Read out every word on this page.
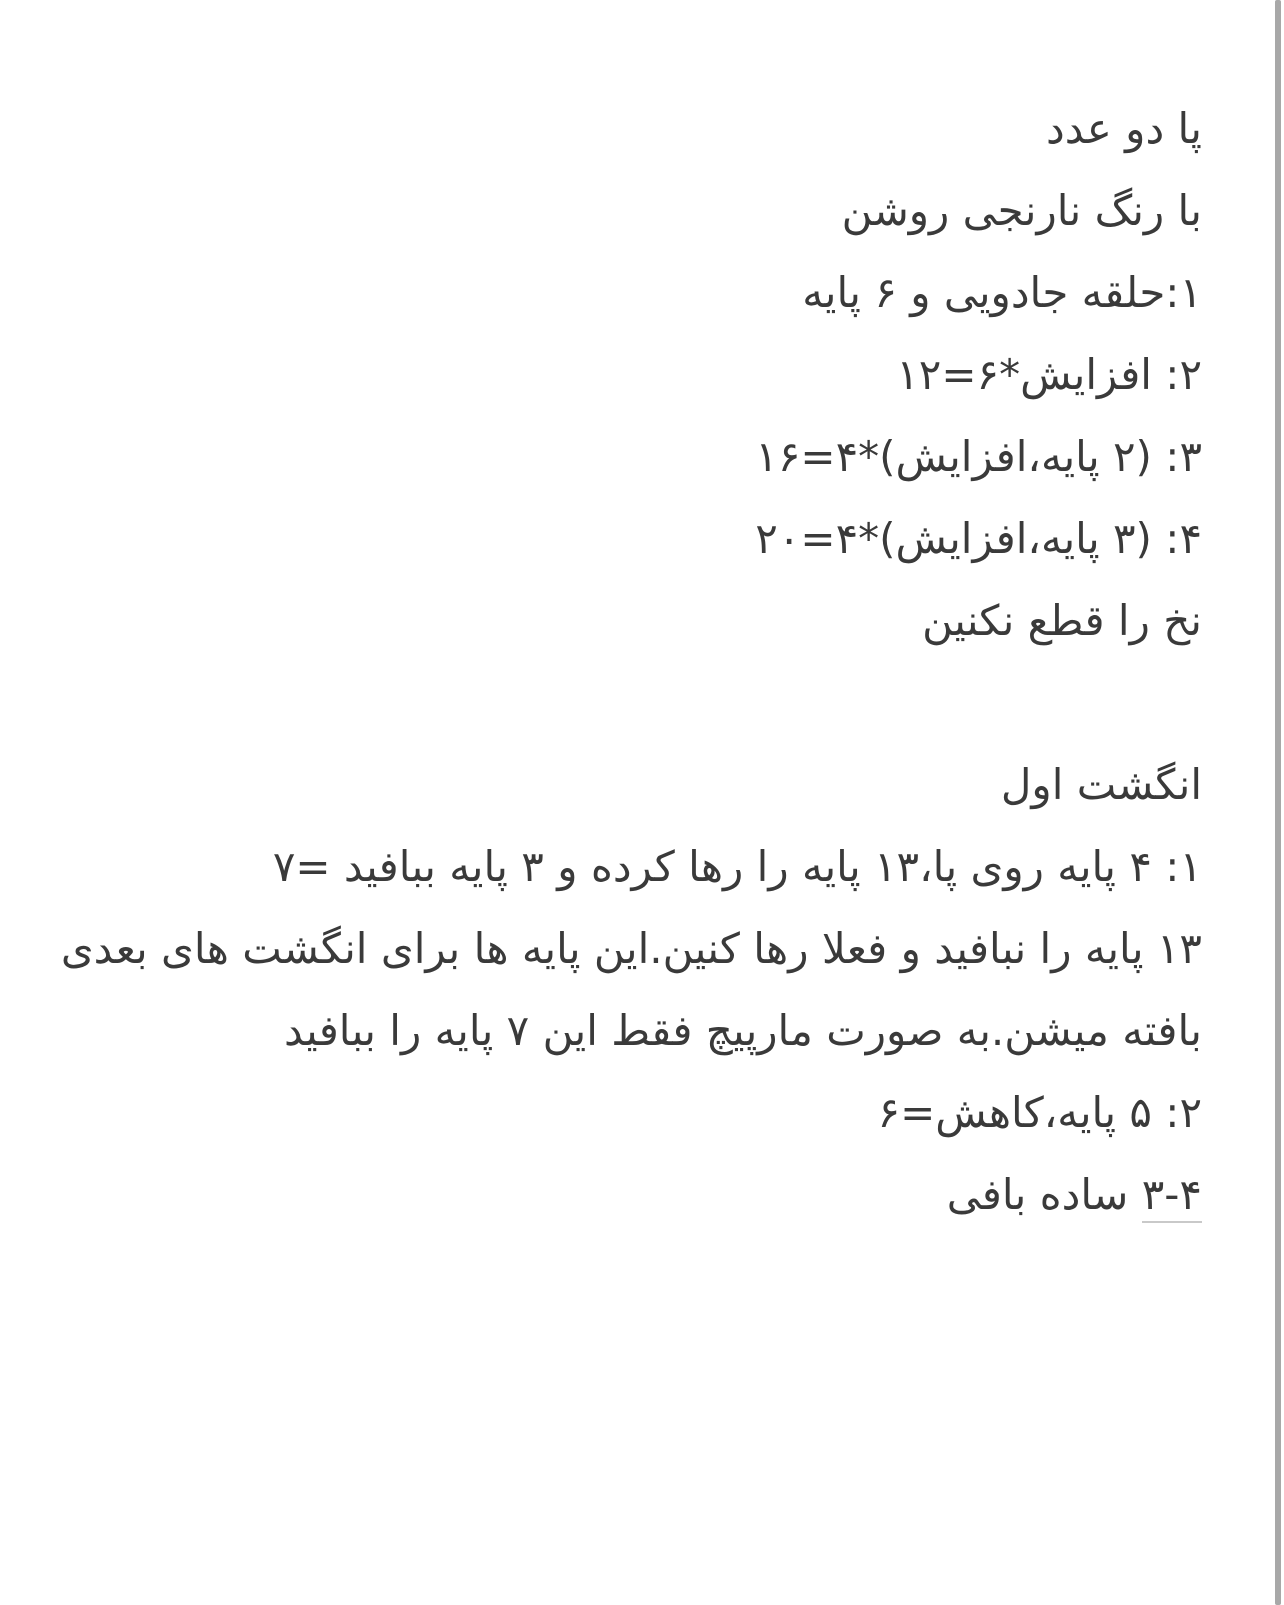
پا دو عدد
با رنگ نارنجی روشن
۱:حلقه جادویی و ۶ پایه
۲: افزایش*۶=۱۲
۳: (۲ پایه،افزایش)*۴=۱۶
۴: (۳ پایه،افزایش)*۴=۲۰
نخ را قطع نکنین
انگشت اول
۱: ۴ پایه روی پا،۱۳ پایه را رها کرده و ۳ پایه ببافید =۷
۱۳ پایه را نبافید و فعلا رها کنین.این پایه ها برای انگشت های بعدی بافته میشن.به صورت مارپیچ فقط این ۷ پایه را ببافید
۲: ۵ پایه،کاهش=۶
۳-۴ ساده بافی
